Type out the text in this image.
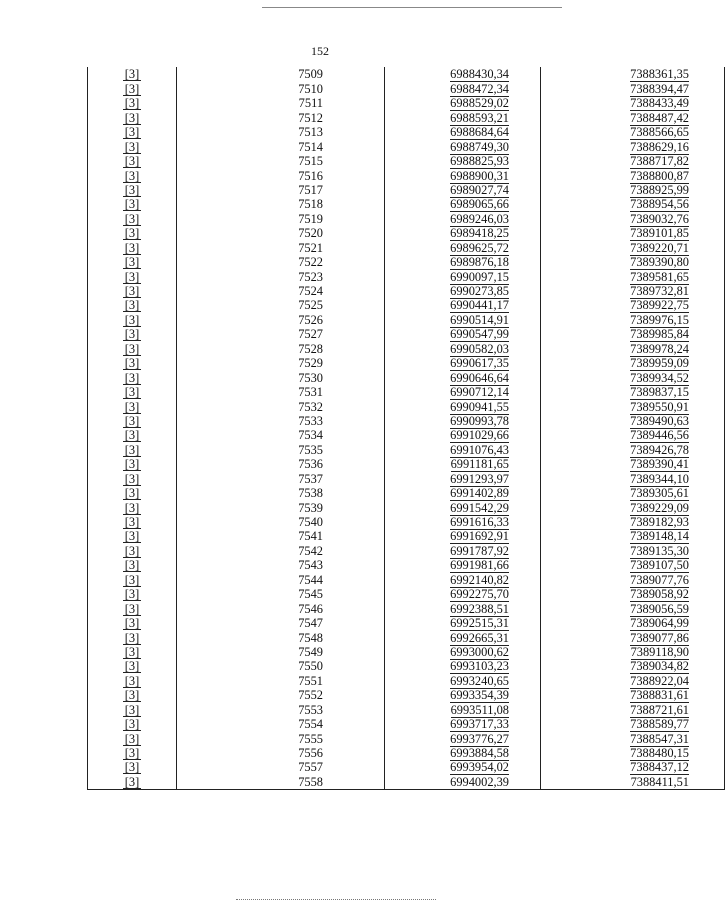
152
[3]	7509	6988430,34	7388361,35
[3]	7510	6988472,34	7388394,47
[3]	7511	6988529,02	7388433,49
[3]	7512	6988593,21	7388487,42
[3]	7513	6988684,64	7388566,65
[3]	7514	6988749,30	7388629,16
[3]	7515	6988825,93	7388717,82
[3]	7516	6988900,31	7388800,87
[3]	7517	6989027,74	7388925,99
[3]	7518	6989065,66	7388954,56
[3]	7519	6989246,03	7389032,76
[3]	7520	6989418,25	7389101,85
[3]	7521	6989625,72	7389220,71
[3]	7522	6989876,18	7389390,80
[3]	7523	6990097,15	7389581,65
[3]	7524	6990273,85	7389732,81
[3]	7525	6990441,17	7389922,75
[3]	7526	6990514,91	7389976,15
[3]	7527	6990547,99	7389985,84
[3]	7528	6990582,03	7389978,24
[3]	7529	6990617,35	7389959,09
[3]	7530	6990646,64	7389934,52
[3]	7531	6990712,14	7389837,15
[3]	7532	6990941,55	7389550,91
[3]	7533	6990993,78	7389490,63
[3]	7534	6991029,66	7389446,56
[3]	7535	6991076,43	7389426,78
[3]	7536	6991181,65	7389390,41
[3]	7537	6991293,97	7389344,10
[3]	7538	6991402,89	7389305,61
[3]	7539	6991542,29	7389229,09
[3]	7540	6991616,33	7389182,93
[3]	7541	6991692,91	7389148,14
[3]	7542	6991787,92	7389135,30
[3]	7543	6991981,66	7389107,50
[3]	7544	6992140,82	7389077,76
[3]	7545	6992275,70	7389058,92
[3]	7546	6992388,51	7389056,59
[3]	7547	6992515,31	7389064,99
[3]	7548	6992665,31	7389077,86
[3]	7549	6993000,62	7389118,90
[3]	7550	6993103,23	7389034,82
[3]	7551	6993240,65	7388922,04
[3]	7552	6993354,39	7388831,61
[3]	7553	6993511,08	7388721,61
[3]	7554	6993717,33	7388589,77
[3]	7555	6993776,27	7388547,31
[3]	7556	6993884,58	7388480,15
[3]	7557	6993954,02	7388437,12
[3]	7558	6994002,39	7388411,51
